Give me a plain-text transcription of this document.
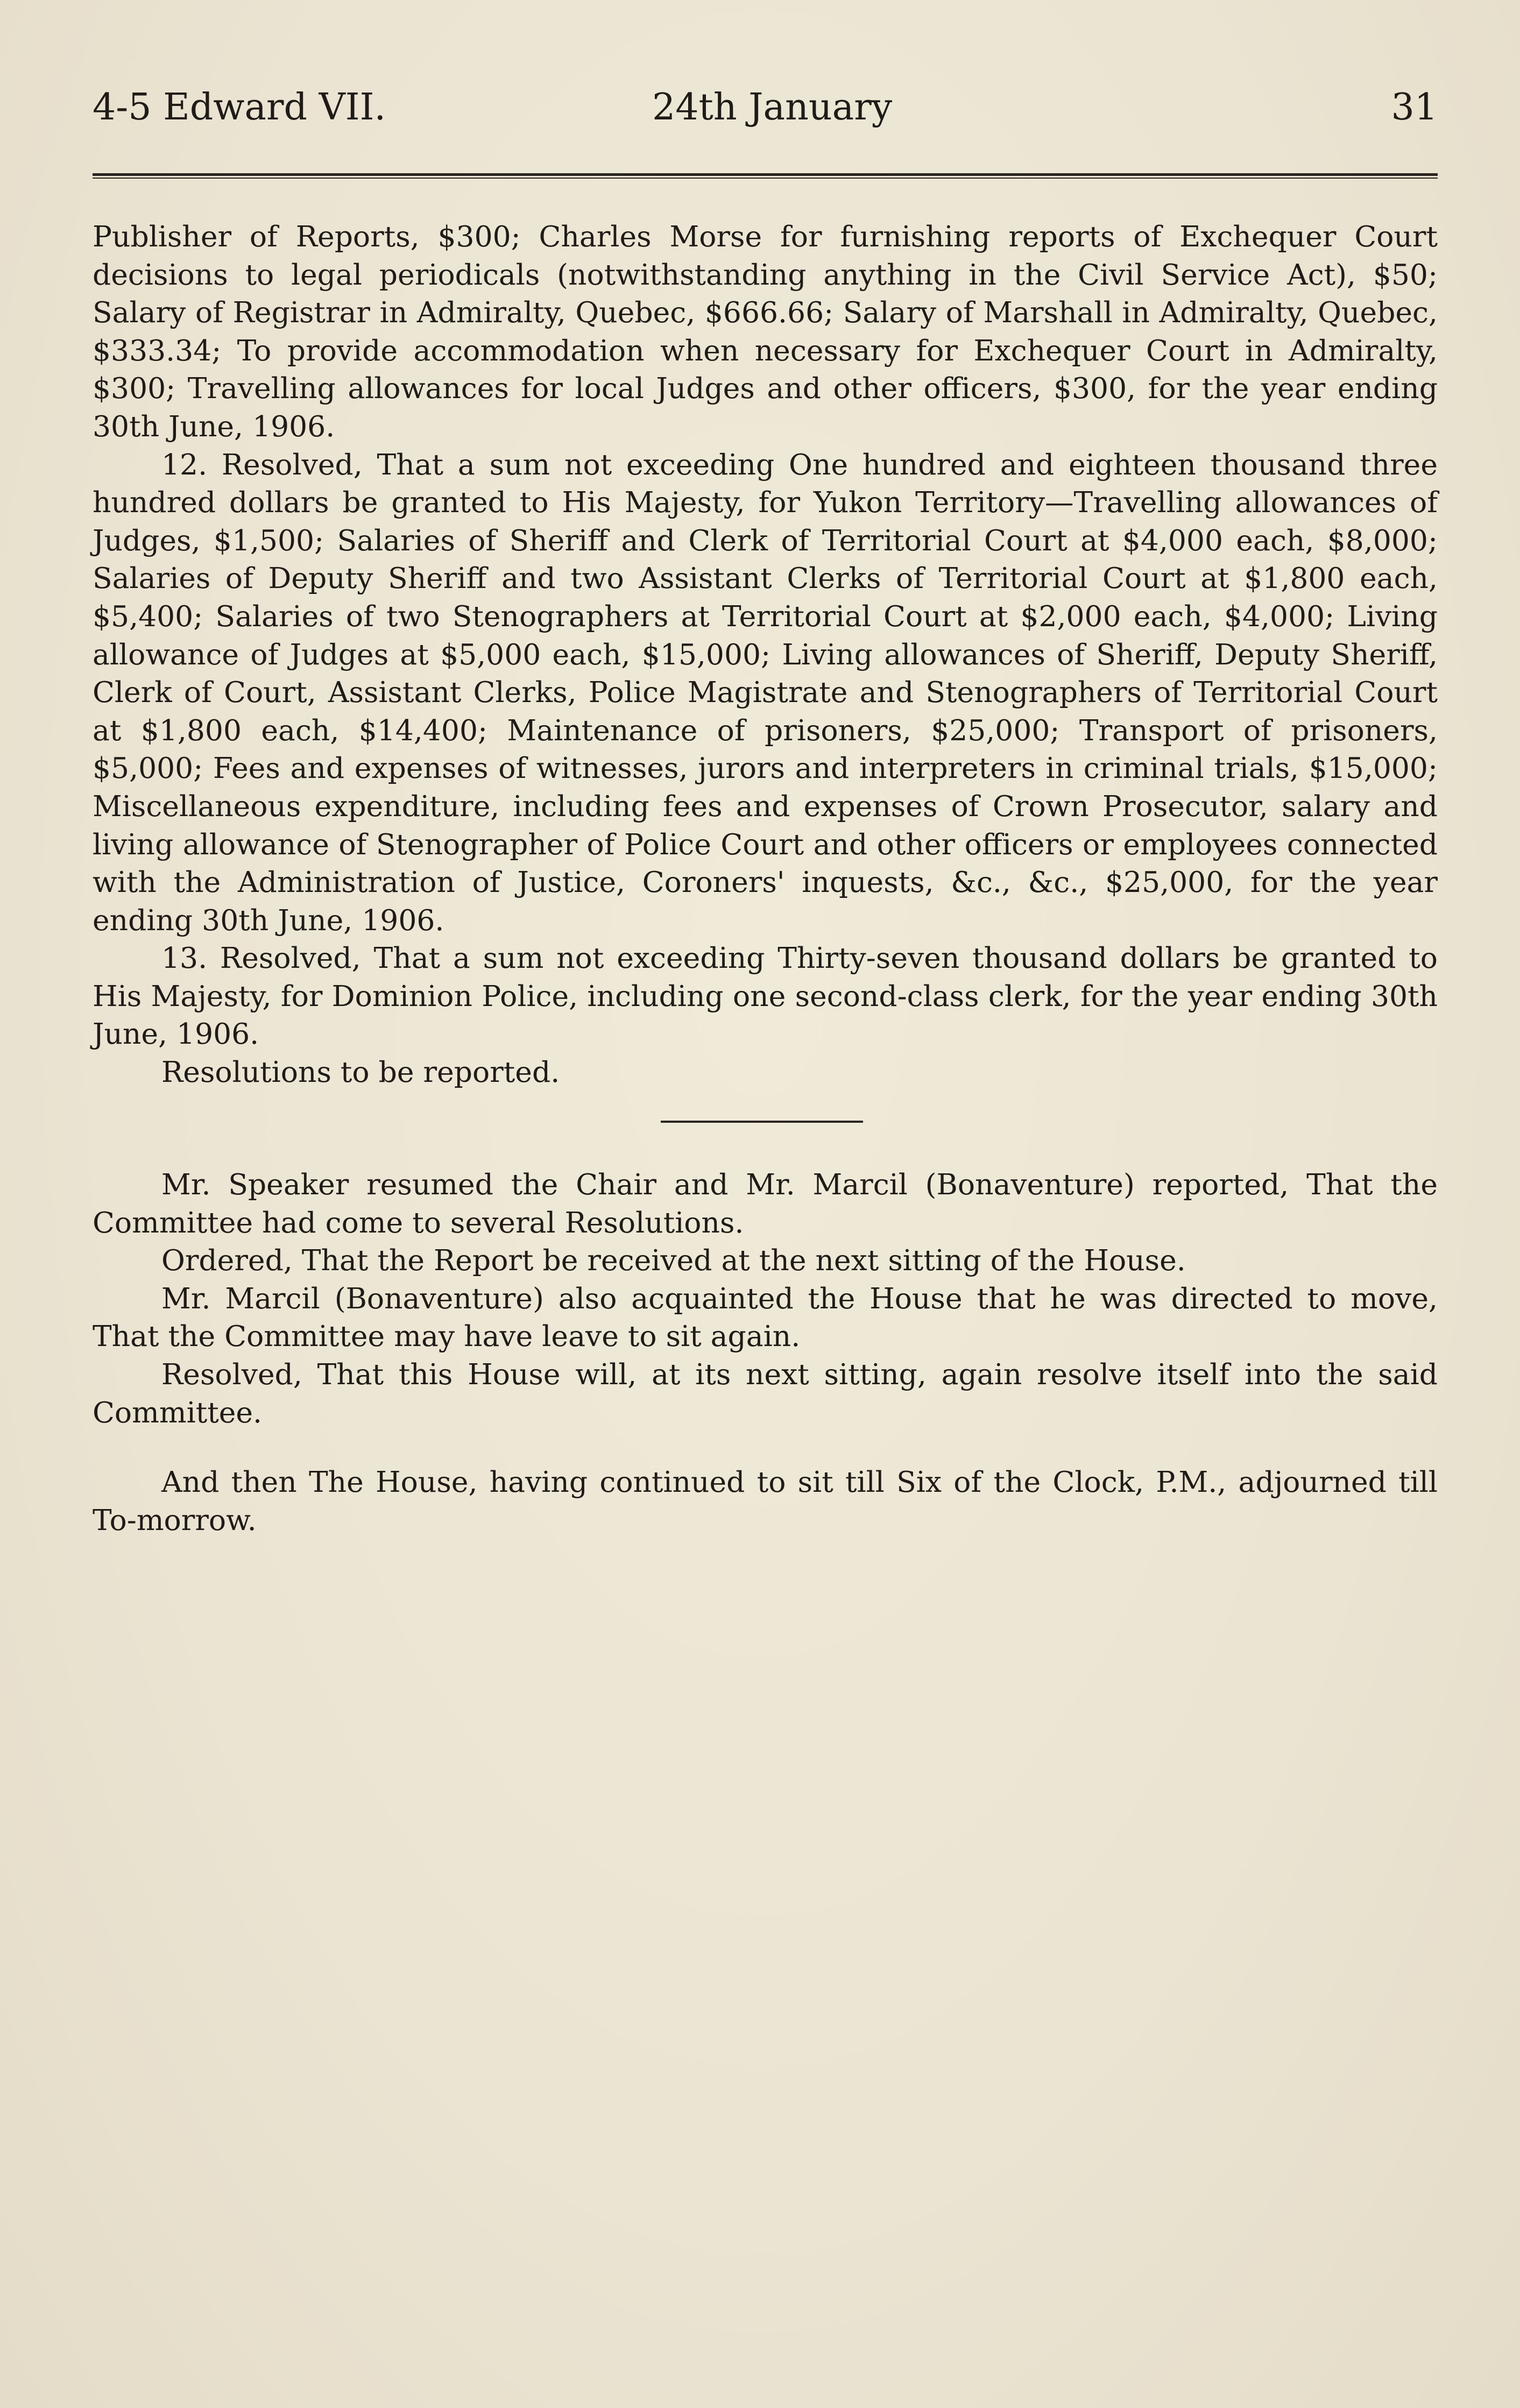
4-5 Edward VII.	24th January	31

Publisher of Reports, $300; Charles Morse for furnishing reports of Exchequer Court decisions to legal periodicals (notwithstanding anything in the Civil Service Act), $50; Salary of Registrar in Admiralty, Quebec, $666.66; Salary of Marshall in Admiralty, Quebec, $333.34; To provide accommodation when necessary for Exchequer Court in Admiralty, $300; Travelling allowances for local Judges and other officers, $300, for the year ending 30th June, 1906.

12. Resolved, That a sum not exceeding One hundred and eighteen thousand three hundred dollars be granted to His Majesty, for Yukon Territory—Travelling allowances of Judges, $1,500; Salaries of Sheriff and Clerk of Territorial Court at $4,000 each, $8,000; Salaries of Deputy Sheriff and two Assistant Clerks of Territorial Court at $1,800 each, $5,400; Salaries of two Stenographers at Territorial Court at $2,000 each, $4,000; Living allowance of Judges at $5,000 each, $15,000; Living allowances of Sheriff, Deputy Sheriff, Clerk of Court, Assistant Clerks, Police Magistrate and Stenographers of Territorial Court at $1,800 each, $14,400; Maintenance of prisoners, $25,000; Transport of prisoners, $5,000; Fees and expenses of witnesses, jurors and interpreters in criminal trials, $15,000; Miscellaneous expenditure, including fees and expenses of Crown Prosecutor, salary and living allowance of Stenographer of Police Court and other officers or employees connected with the Administration of Justice, Coroners' inquests, &c., &c., $25,000, for the year ending 30th June, 1906.

13. Resolved, That a sum not exceeding Thirty-seven thousand dollars be granted to His Majesty, for Dominion Police, including one second-class clerk, for the year ending 30th June, 1906.

Resolutions to be reported.

Mr. Speaker resumed the Chair and Mr. Marcil (Bonaventure) reported, That the Committee had come to several Resolutions.

Ordered, That the Report be received at the next sitting of the House.

Mr. Marcil (Bonaventure) also acquainted the House that he was directed to move, That the Committee may have leave to sit again.

Resolved, That this House will, at its next sitting, again resolve itself into the said Committee.

And then The House, having continued to sit till Six of the Clock, P.M., adjourned till To-morrow.
